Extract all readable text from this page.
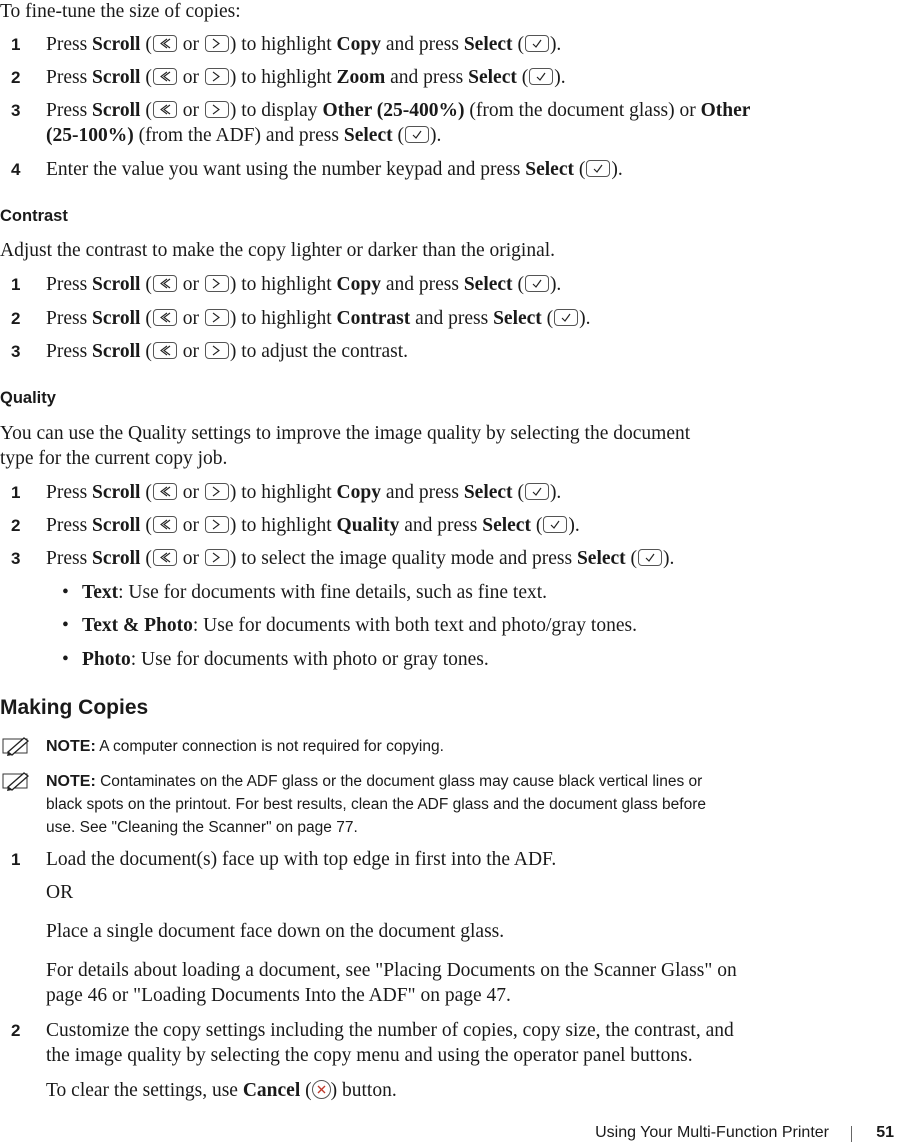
To fine-tune the size of copies:
1 Press Scroll ( or ) to highlight Copy and press Select ( ).
2 Press Scroll ( or ) to highlight Zoom and press Select ( ).
3 Press Scroll ( or ) to display Other (25-400%) (from the document glass) or Other
(25-100%) (from the ADF) and press Select ( ).
4 Enter the value you want using the number keypad and press Select ( ).
Contrast
Adjust the contrast to make the copy lighter or darker than the original.
1 Press Scroll ( or ) to highlight Copy and press Select ( ).
2 Press Scroll ( or ) to highlight Contrast and press Select ( ).
3 Press Scroll ( or ) to adjust the contrast.
Quality
You can use the Quality settings to improve the image quality by selecting the document
type for the current copy job.
1 Press Scroll ( or ) to highlight Copy and press Select ( ).
2 Press Scroll ( or ) to highlight Quality and press Select ( ).
3 Press Scroll ( or ) to select the image quality mode and press Select ( ).
• Text: Use for documents with fine details, such as fine text.
• Text & Photo: Use for documents with both text and photo/gray tones.
• Photo: Use for documents with photo or gray tones.
Making Copies
NOTE: A computer connection is not required for copying.
NOTE: Contaminates on the ADF glass or the document glass may cause black vertical lines or
black spots on the printout. For best results, clean the ADF glass and the document glass before
use. See "Cleaning the Scanner" on page 77.
1 Load the document(s) face up with top edge in first into the ADF.
OR
Place a single document face down on the document glass.
For details about loading a document, see "Placing Documents on the Scanner Glass" on
page 46 or "Loading Documents Into the ADF" on page 47.
2 Customize the copy settings including the number of copies, copy size, the contrast, and
the image quality by selecting the copy menu and using the operator panel buttons.
To clear the settings, use Cancel ( ) button.
Using Your Multi-Function Printer	51
